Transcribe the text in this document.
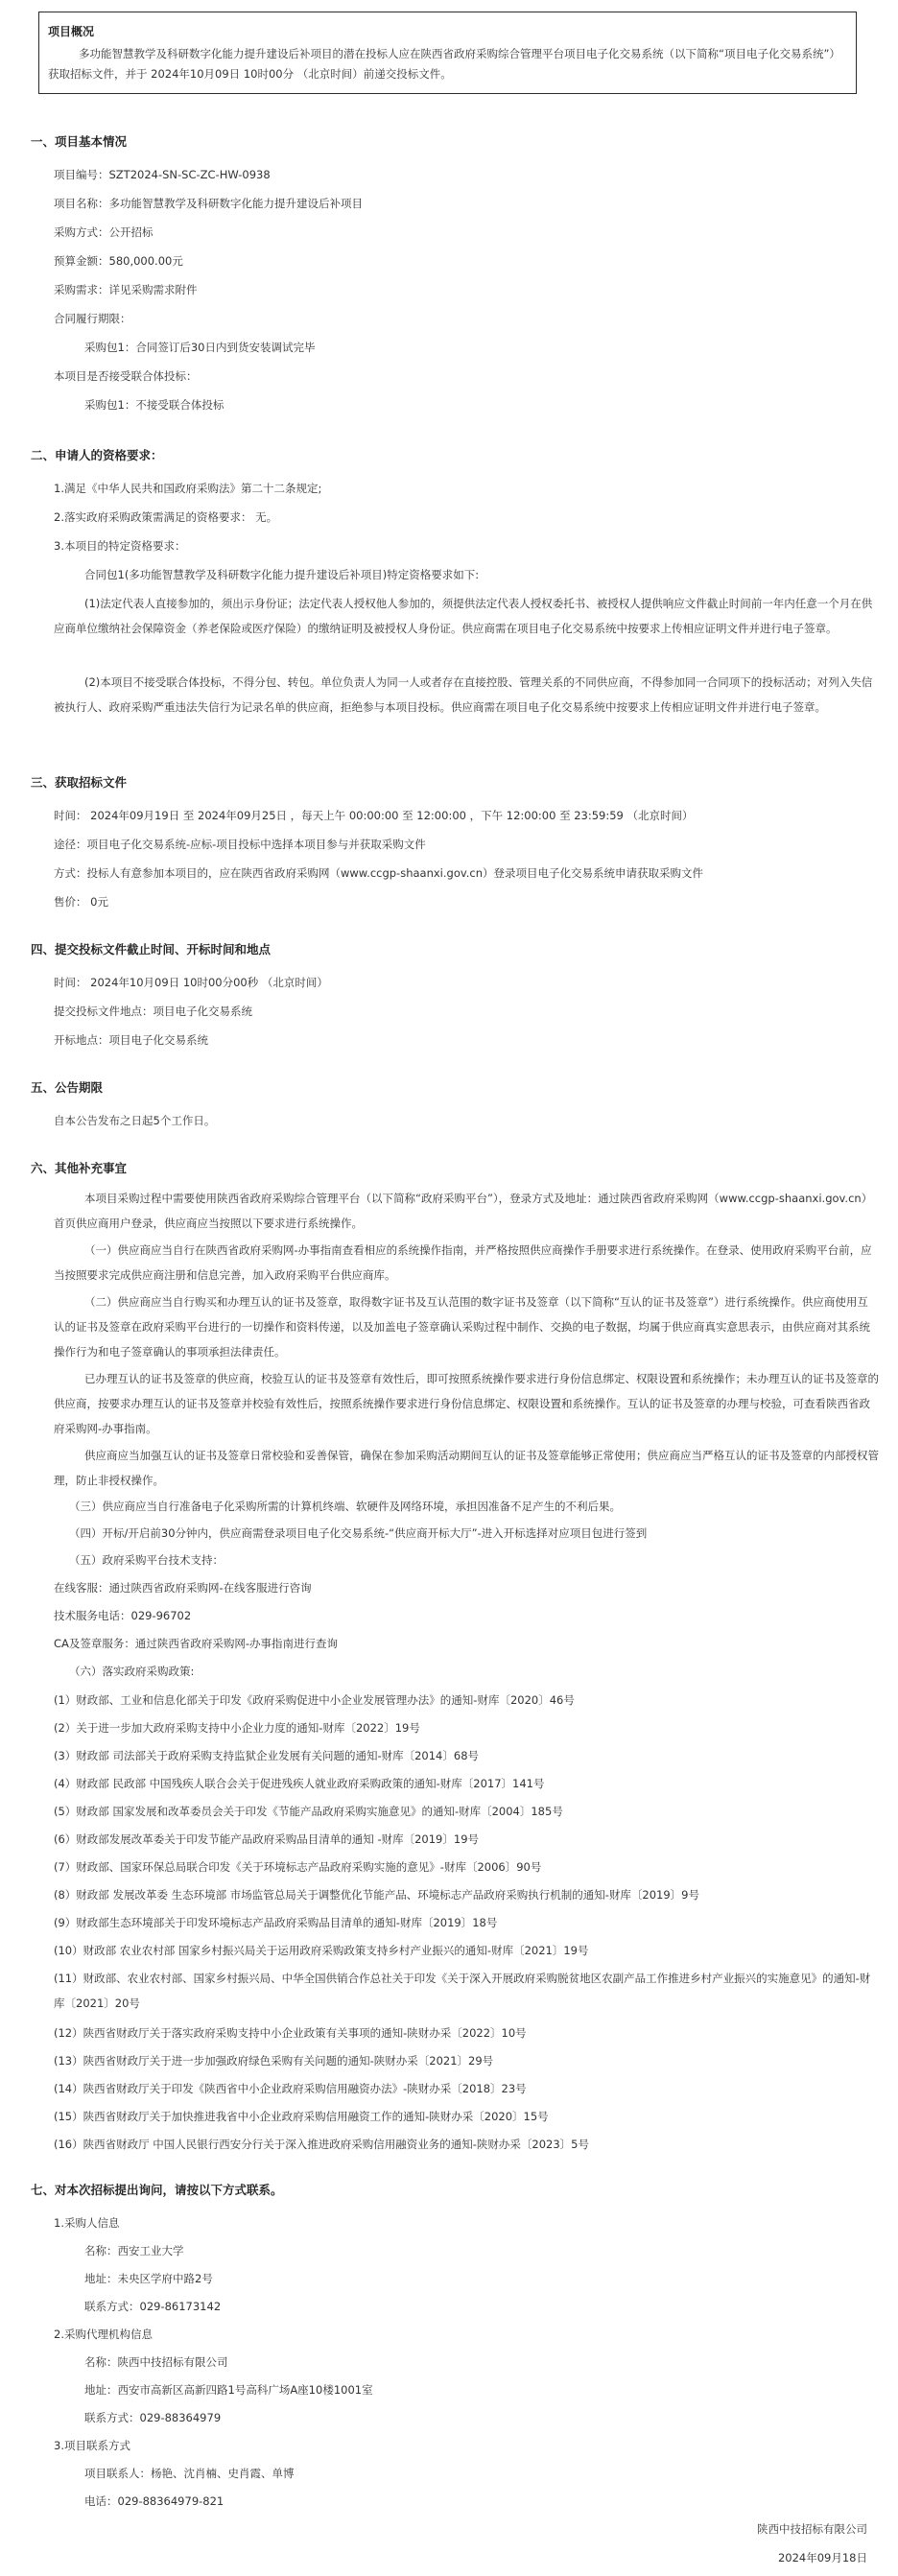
项目概况
多功能智慧教学及科研数字化能力提升建设后补项目的潜在投标人应在陕西省政府采购综合管理平台项目电子化交易系统（以下简称“项目电子化交易系统”）获取招标文件，并于 2024年10月09日 10时00分 （北京时间）前递交投标文件。
一、项目基本情况
项目编号：SZT2024-SN-SC-ZC-HW-0938
项目名称：多功能智慧教学及科研数字化能力提升建设后补项目
采购方式：公开招标
预算金额：580,000.00元
采购需求：详见采购需求附件
合同履行期限：
采购包1：合同签订后30日内到货安装调试完毕
本项目是否接受联合体投标：
采购包1：不接受联合体投标
二、申请人的资格要求：
1.满足《中华人民共和国政府采购法》第二十二条规定;
2.落实政府采购政策需满足的资格要求： 无。
3.本项目的特定资格要求：
合同包1(多功能智慧教学及科研数字化能力提升建设后补项目)特定资格要求如下:
(1)法定代表人直接参加的，须出示身份证；法定代表人授权他人参加的，须提供法定代表人授权委托书、被授权人提供响应文件截止时间前一年内任意一个月在供应商单位缴纳社会保障资金（养老保险或医疗保险）的缴纳证明及被授权人身份证。供应商需在项目电子化交易系统中按要求上传相应证明文件并进行电子签章。
(2)本项目不接受联合体投标，不得分包、转包。单位负责人为同一人或者存在直接控股、管理关系的不同供应商，不得参加同一合同项下的投标活动；对列入失信被执行人、政府采购严重违法失信行为记录名单的供应商，拒绝参与本项目投标。供应商需在项目电子化交易系统中按要求上传相应证明文件并进行电子签章。
三、获取招标文件
时间： 2024年09月19日 至 2024年09月25日 ，每天上午 00:00:00 至 12:00:00 ，下午 12:00:00 至 23:59:59 （北京时间）
途径：项目电子化交易系统-应标-项目投标中选择本项目参与并获取采购文件
方式：投标人有意参加本项目的，应在陕西省政府采购网（www.ccgp-shaanxi.gov.cn）登录项目电子化交易系统申请获取采购文件
售价： 0元
四、提交投标文件截止时间、开标时间和地点
时间： 2024年10月09日 10时00分00秒 （北京时间）
提交投标文件地点：项目电子化交易系统
开标地点：项目电子化交易系统
五、公告期限
自本公告发布之日起5个工作日。
六、其他补充事宜
本项目采购过程中需要使用陕西省政府采购综合管理平台（以下简称“政府采购平台”），登录方式及地址：通过陕西省政府采购网（www.ccgp-shaanxi.gov.cn）首页供应商用户登录，供应商应当按照以下要求进行系统操作。
（一）供应商应当自行在陕西省政府采购网-办事指南查看相应的系统操作指南，并严格按照供应商操作手册要求进行系统操作。在登录、使用政府采购平台前，应当按照要求完成供应商注册和信息完善，加入政府采购平台供应商库。
（二）供应商应当自行购买和办理互认的证书及签章，取得数字证书及互认范围的数字证书及签章（以下简称“互认的证书及签章”）进行系统操作。供应商使用互认的证书及签章在政府采购平台进行的一切操作和资料传递，以及加盖电子签章确认采购过程中制作、交换的电子数据，均属于供应商真实意思表示，由供应商对其系统操作行为和电子签章确认的事项承担法律责任。
已办理互认的证书及签章的供应商，校验互认的证书及签章有效性后，即可按照系统操作要求进行身份信息绑定、权限设置和系统操作；未办理互认的证书及签章的供应商，按要求办理互认的证书及签章并校验有效性后，按照系统操作要求进行身份信息绑定、权限设置和系统操作。互认的证书及签章的办理与校验，可查看陕西省政府采购网-办事指南。
供应商应当加强互认的证书及签章日常校验和妥善保管，确保在参加采购活动期间互认的证书及签章能够正常使用；供应商应当严格互认的证书及签章的内部授权管理，防止非授权操作。
（三）供应商应当自行准备电子化采购所需的计算机终端、软硬件及网络环境，承担因准备不足产生的不利后果。
（四）开标/开启前30分钟内，供应商需登录项目电子化交易系统-“供应商开标大厅”-进入开标选择对应项目包进行签到
（五）政府采购平台技术支持：
在线客服：通过陕西省政府采购网-在线客服进行咨询
技术服务电话：029-96702
CA及签章服务：通过陕西省政府采购网-办事指南进行查询
（六）落实政府采购政策:
(1）财政部、工业和信息化部关于印发《政府采购促进中小企业发展管理办法》的通知-财库〔2020〕46号
(2）关于进一步加大政府采购支持中小企业力度的通知-财库〔2022〕19号
(3）财政部 司法部关于政府采购支持监狱企业发展有关问题的通知-财库〔2014〕68号
(4）财政部 民政部 中国残疾人联合会关于促进残疾人就业政府采购政策的通知-财库〔2017〕141号
(5）财政部 国家发展和改革委员会关于印发《节能产品政府采购实施意见》的通知-财库〔2004〕185号
(6）财政部发展改革委关于印发节能产品政府采购品目清单的通知 -财库〔2019〕19号
(7）财政部、国家环保总局联合印发《关于环境标志产品政府采购实施的意见》-财库〔2006〕90号
(8）财政部 发展改革委 生态环境部 市场监管总局关于调整优化节能产品、环境标志产品政府采购执行机制的通知-财库〔2019〕9号
(9）财政部生态环境部关于印发环境标志产品政府采购品目清单的通知-财库〔2019〕18号
(10）财政部 农业农村部 国家乡村振兴局关于运用政府采购政策支持乡村产业振兴的通知-财库〔2021〕19号
(11）财政部、农业农村部、国家乡村振兴局、中华全国供销合作总社关于印发《关于深入开展政府采购脱贫地区农副产品工作推进乡村产业振兴的实施意见》的通知-财库〔2021〕20号
(12）陕西省财政厅关于落实政府采购支持中小企业政策有关事项的通知-陕财办采〔2022〕10号
(13）陕西省财政厅关于进一步加强政府绿色采购有关问题的通知-陕财办采〔2021〕29号
(14）陕西省财政厅关于印发《陕西省中小企业政府采购信用融资办法》-陕财办采〔2018〕23号
(15）陕西省财政厅关于加快推进我省中小企业政府采购信用融资工作的通知-陕财办采〔2020〕15号
(16）陕西省财政厅 中国人民银行西安分行关于深入推进政府采购信用融资业务的通知-陕财办采〔2023〕5号
七、对本次招标提出询问，请按以下方式联系。
1.采购人信息
名称：西安工业大学
地址：未央区学府中路2号
联系方式：029-86173142
2.采购代理机构信息
名称：陕西中技招标有限公司
地址：西安市高新区高新四路1号高科广场A座10楼1001室
联系方式：029-88364979
3.项目联系方式
项目联系人：杨艳、沈肖楠、史肖霞、单博
电话：029-88364979-821
陕西中技招标有限公司
2024年09月18日
